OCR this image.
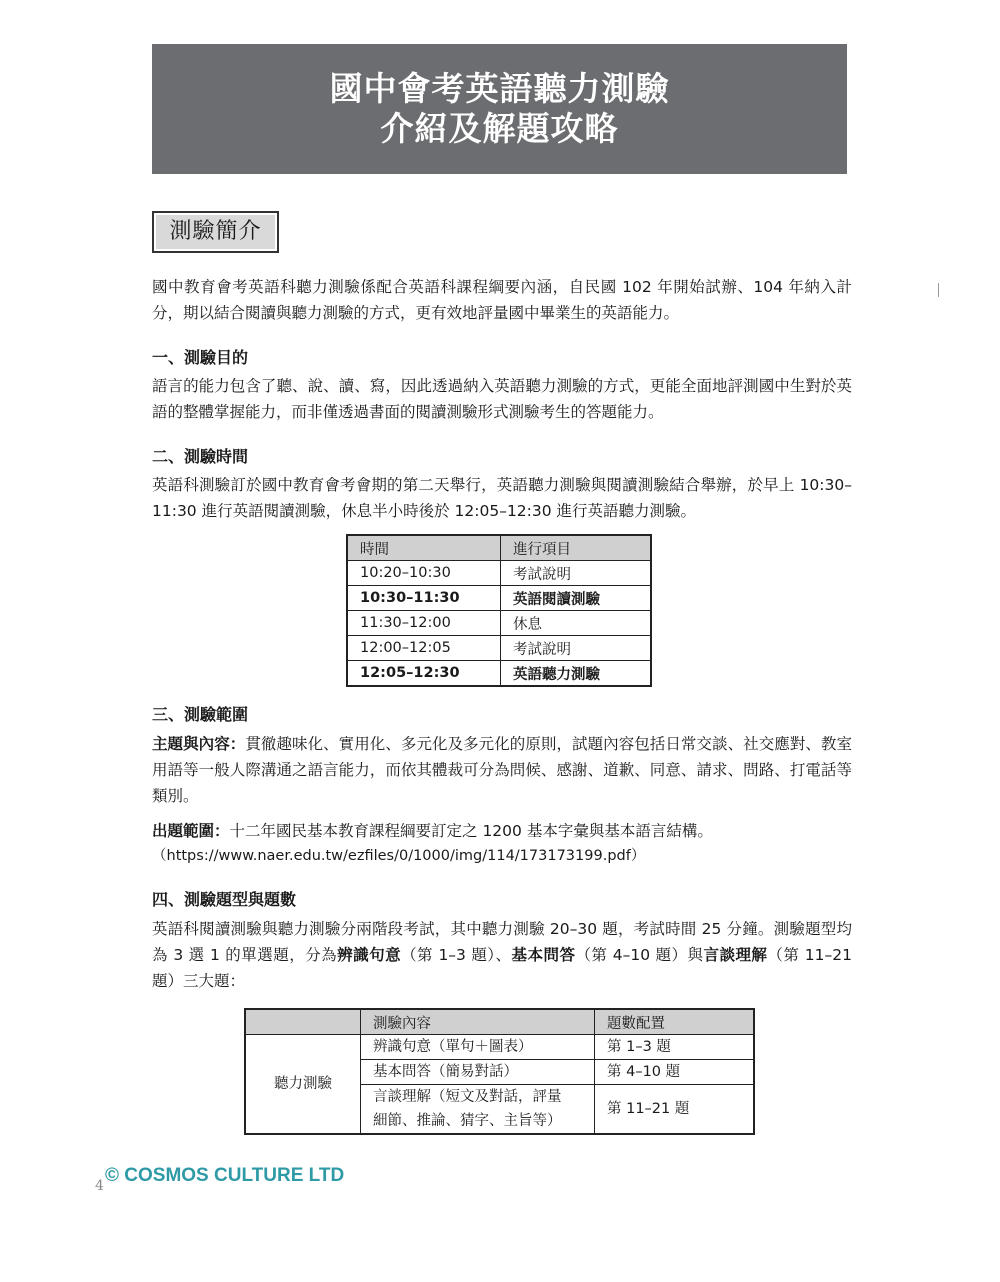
國中會考英語聽力測驗
介紹及解題攻略
測驗簡介

國中教育會考英語科聽力測驗係配合英語科課程綱要內涵，自民國 102 年開始試辦、104 年納入計分，期以結合閱讀與聽力測驗的方式，更有效地評量國中畢業生的英語能力。

一、測驗目的

語言的能力包含了聽、說、讀、寫，因此透過納入英語聽力測驗的方式，更能全面地評測國中生對於英語的整體掌握能力，而非僅透過書面的閱讀測驗形式測驗考生的答題能力。

二、測驗時間

英語科測驗訂於國中教育會考會期的第二天舉行，英語聽力測驗與閱讀測驗結合舉辦，於早上 10:30–11:30 進行英語閱讀測驗，休息半小時後於 12:05–12:30 進行英語聽力測驗。

時間	進行項目
10:20–10:30	考試說明
10:30–11:30	英語閱讀測驗
11:30–12:00	休息
12:00–12:05	考試說明
12:05–12:30	英語聽力測驗
三、測驗範圍

主題與內容：貫徹趣味化、實用化、多元化及多元化的原則，試題內容包括日常交談、社交應對、教室用語等一般人際溝通之語言能力，而依其體裁可分為問候、感謝、道歉、同意、請求、問路、打電話等類別。

出題範圍：十二年國民基本教育課程綱要訂定之 1200 基本字彙與基本語言結構。

（https://www.naer.edu.tw/ezfiles/0/1000/img/114/173173199.pdf）

四、測驗題型與題數

英語科閱讀測驗與聽力測驗分兩階段考試，其中聽力測驗 20–30 題，考試時間 25 分鐘。測驗題型均為 3 選 1 的單選題，分為辨識句意（第 1–3 題）、基本問答（第 4–10 題）與言談理解（第 11–21 題）三大題：

	測驗內容	題數配置
聽力測驗	辨識句意（單句＋圖表）	第 1–3 題
	基本問答（簡易對話）	第 4–10 題

	言談理解（短文及對話，評量
細節、推論、猜字、主旨等）	第 11–21 題
4 © COSMOS CULTURE LTD
